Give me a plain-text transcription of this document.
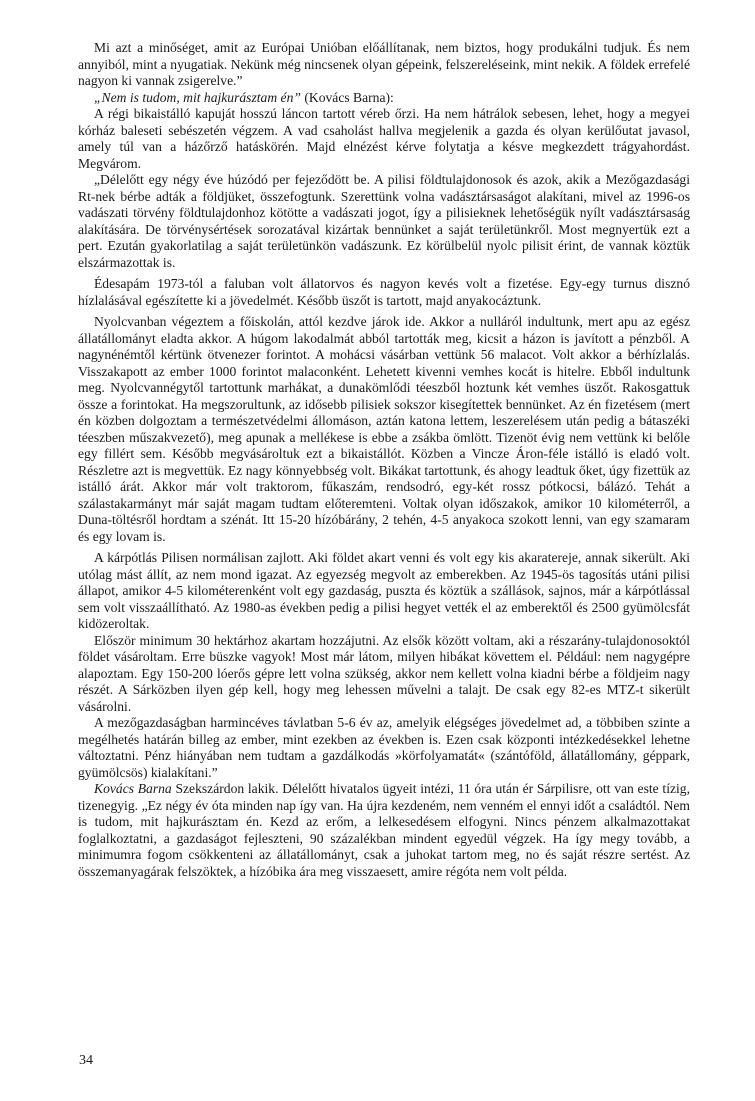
Mi azt a minőséget, amit az Európai Unióban előállítanak, nem biztos, hogy produkálni tudjuk. És nem annyiból, mint a nyugatiak. Nekünk még nincsenek olyan gépeink, felszereléseink, mint nekik. A földek errefelé nagyon ki vannak zsigerelve.”

„Nem is tudom, mit hajkurásztam én” (Kovács Barna):

A régi bikaistálló kapuját hosszú láncon tartott véreb őrzi. Ha nem hátrálok sebesen, lehet, hogy a megyei kórház baleseti sebészetén végzem. A vad csaholást hallva megjelenik a gazda és olyan kerülőutat javasol, amely túl van a házőrző hatáskörén. Majd elnézést kérve folytatja a késve megkezdett trágyahordást. Megvárom.

„Délelőtt egy négy éve húzódó per fejeződött be. A pilisi földtulajdonosok és azok, akik a Mezőgazdasági Rt-nek bérbe adták a földjüket, összefogtunk. Szerettünk volna vadásztársaságot alakítani, mivel az 1996-os vadászati törvény földtulajdonhoz kötötte a vadászati jogot, így a pilisieknek lehetőségük nyílt vadásztársaság alakítására. De törvénysértések sorozatával kizártak bennünket a saját területünkről. Most megnyertük ezt a pert. Ezután gyakorlatilag a saját területünkön vadászunk. Ez körülbelül nyolc pilisit érint, de vannak köztük elszármazottak is.

Édesapám 1973-tól a faluban volt állatorvos és nagyon kevés volt a fizetése. Egy-egy turnus disznó hízlalásával egészítette ki a jövedelmét. Később üszőt is tartott, majd anyakocáztunk.

Nyolcvanban végeztem a főiskolán, attól kezdve járok ide. Akkor a nulláról indultunk, mert apu az egész állatállományt eladta akkor. A húgom lakodalmát abból tartották meg, kicsit a házon is javított a pénzből. A nagynénémtől kértünk ötvenezer forintot. A mohácsi vásárban vettünk 56 malacot. Volt akkor a bérhízlalás. Visszakapott az ember 1000 forintot malaconként. Lehetett kivenni vemhes kocát is hitelre. Ebből indultunk meg. Nyolcvannégytől tartottunk marhákat, a dunakömlődi téeszből hoztunk két vemhes üszőt. Rakosgattuk össze a forintokat. Ha megszorultunk, az idősebb pilisiek sokszor kisegítettek bennünket. Az én fizetésem (mert én közben dolgoztam a természetvédelmi állomáson, aztán katona lettem, leszerelésem után pedig a bátaszéki téeszben műszakvezető), meg apunak a mellékese is ebbe a zsákba ömlött. Tizenöt évig nem vettünk ki belőle egy fillért sem. Később megvásároltuk ezt a bikaistállót. Közben a Vincze Áron-féle istálló is eladó volt. Részletre azt is megvettük. Ez nagy könnyebbség volt. Bikákat tartottunk, és ahogy leadtuk őket, úgy fizettük az istálló árát. Akkor már volt traktorom, fűkaszám, rendsodró, egy-két rossz pótkocsi, bálázó. Tehát a szálastakarmányt már saját magam tudtam előteremteni. Voltak olyan időszakok, amikor 10 kilométerről, a Duna-töltésről hordtam a szénát. Itt 15-20 hízóbárány, 2 tehén, 4-5 anyakoca szokott lenni, van egy szamaram és egy lovam is.

A kárpótlás Pilisen normálisan zajlott. Aki földet akart venni és volt egy kis akaratereje, annak sikerült. Aki utólag mást állít, az nem mond igazat. Az egyezség megvolt az emberekben. Az 1945-ös tagosítás utáni pilisi állapot, amikor 4-5 kilométerenként volt egy gazdaság, puszta és köztük a szállások, sajnos, már a kárpótlással sem volt visszaállítható. Az 1980-as években pedig a pilisi hegyet vették el az emberektől és 2500 gyümölcsfát kidözeroltak.

Először minimum 30 hektárhoz akartam hozzájutni. Az elsők között voltam, aki a részarány-tulajdonosoktól földet vásároltam. Erre büszke vagyok! Most már látom, milyen hibákat követtem el. Például: nem nagygépre alapoztam. Egy 150-200 lóerős gépre lett volna szükség, akkor nem kellett volna kiadni bérbe a földjeim nagy részét. A Sárközben ilyen gép kell, hogy meg lehessen művelni a talajt. De csak egy 82-es MTZ-t sikerült vásárolni.

A mezőgazdaságban harmincéves távlatban 5-6 év az, amelyik elégséges jövedelmet ad, a többiben szinte a megélhetés határán billeg az ember, mint ezekben az években is. Ezen csak központi intézkedésekkel lehetne változtatni. Pénz hiányában nem tudtam a gazdálkodás »körfolyamatát« (szántóföld, állatállomány, géppark, gyümölcsös) kialakítani.”

Kovács Barna Szekszárdon lakik. Délelőtt hivatalos ügyeit intézi, 11 óra után ér Sárpilisre, ott van este tízig, tizenegyig. „Ez négy év óta minden nap így van. Ha újra kezdeném, nem venném el ennyi időt a családtól. Nem is tudom, mit hajkurásztam én. Kezd az erőm, a lelkesedésem elfogyni. Nincs pénzem alkalmazottakat foglalkoztatni, a gazdaságot fejleszteni, 90 százalékban mindent egyedül végzek. Ha így megy tovább, a minimumra fogom csökkenteni az állatállományt, csak a juhokat tartom meg, no és saját részre sertést. Az összemanyagárak felszöktek, a hízóbika ára meg visszaesett, amire régóta nem volt példa.

34
